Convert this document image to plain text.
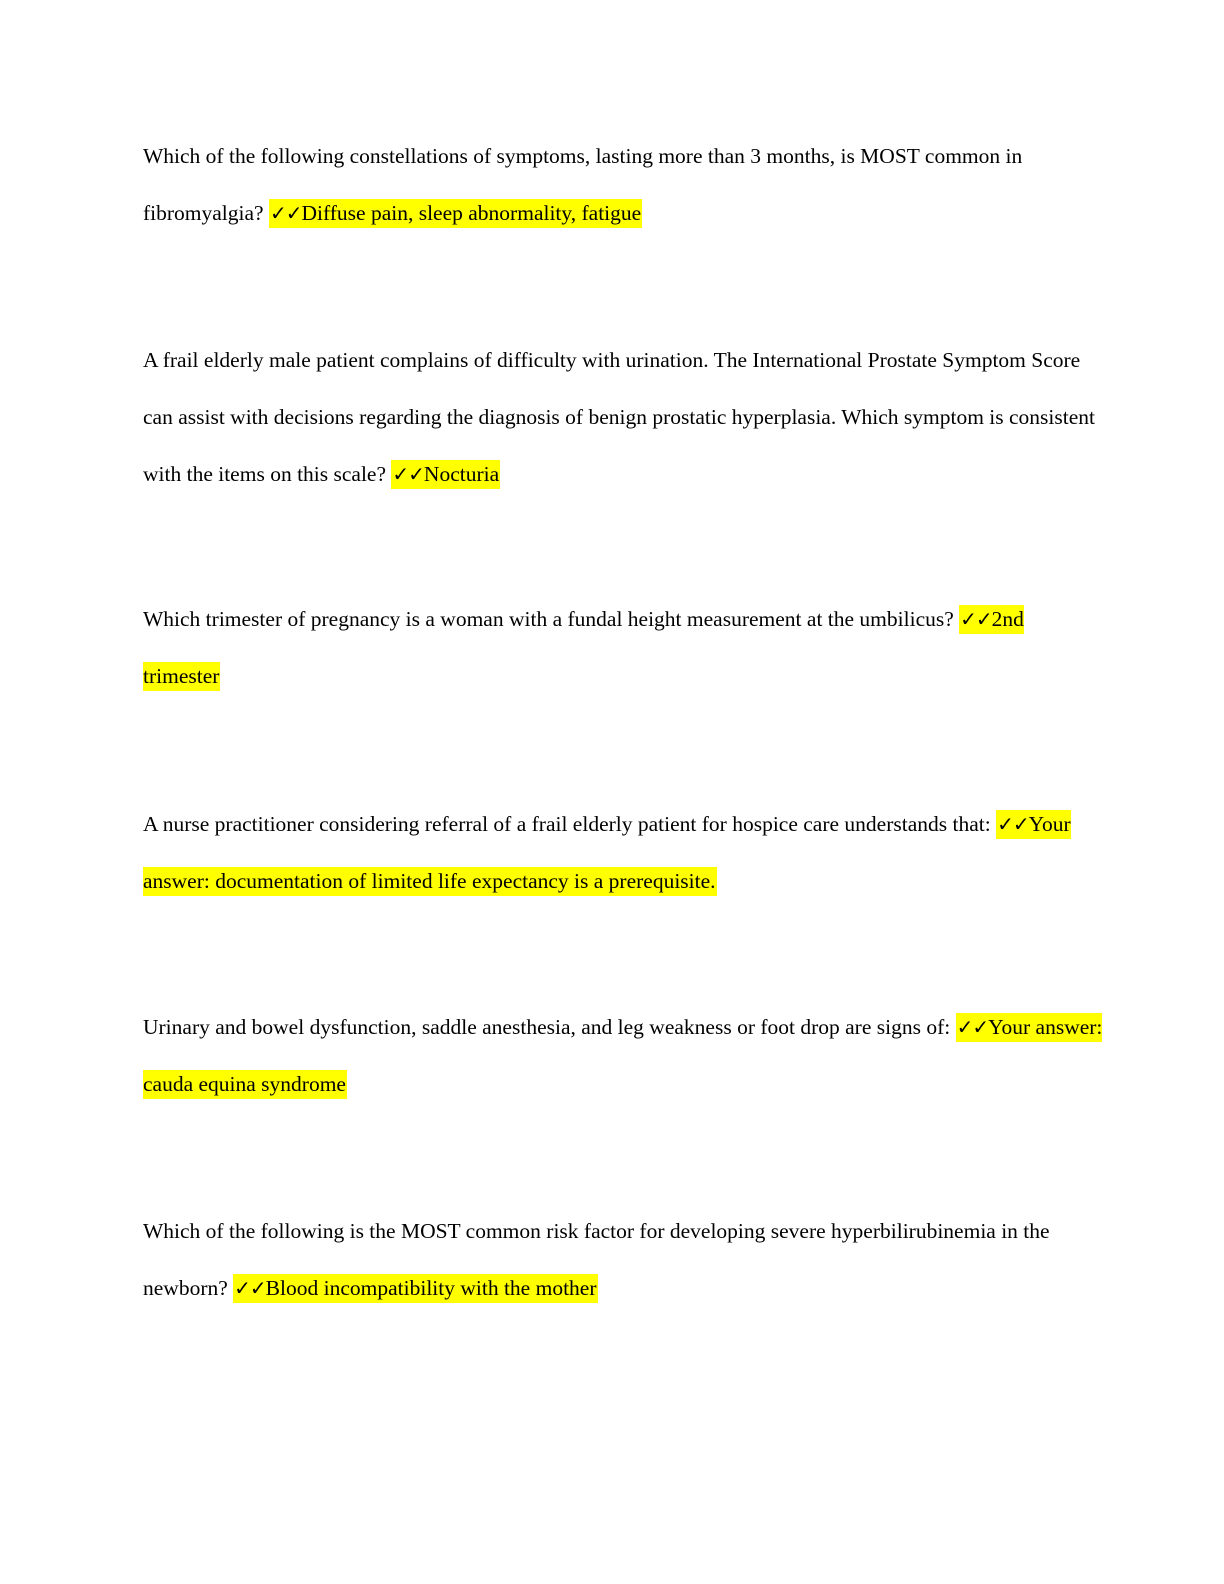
Which of the following constellations of symptoms, lasting more than 3 months, is MOST common in fibromyalgia? ✓✓Diffuse pain, sleep abnormality, fatigue
A frail elderly male patient complains of difficulty with urination. The International Prostate Symptom Score can assist with decisions regarding the diagnosis of benign prostatic hyperplasia. Which symptom is consistent with the items on this scale? ✓✓Nocturia
Which trimester of pregnancy is a woman with a fundal height measurement at the umbilicus? ✓✓2nd trimester
A nurse practitioner considering referral of a frail elderly patient for hospice care understands that: ✓✓Your answer: documentation of limited life expectancy is a prerequisite.
Urinary and bowel dysfunction, saddle anesthesia, and leg weakness or foot drop are signs of: ✓✓Your answer: cauda equina syndrome
Which of the following is the MOST common risk factor for developing severe hyperbilirubinemia in the newborn? ✓✓Blood incompatibility with the mother
